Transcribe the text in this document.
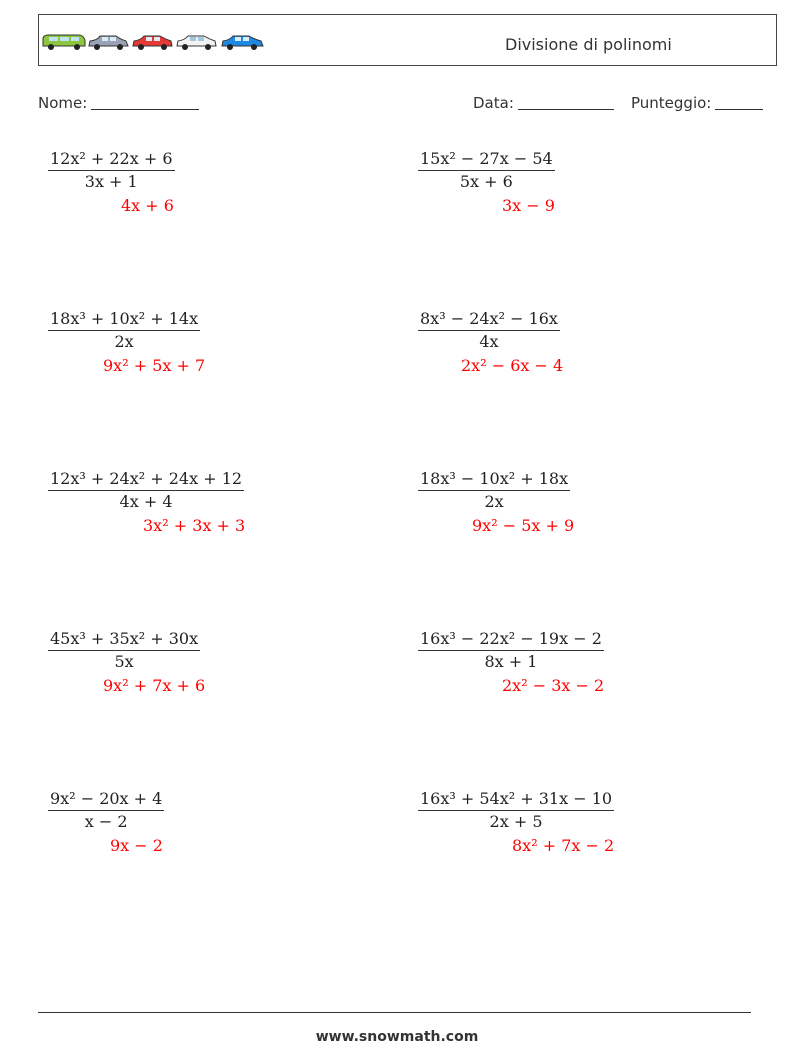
Divisione di polinomi
Nome:	Data:	Punteggio:
12x² + 22x + 6
3x + 1
4x + 6
15x² − 27x − 54
5x + 6
3x − 9
18x³ + 10x² + 14x
2x
9x² + 5x + 7
8x³ − 24x² − 16x
4x
2x² − 6x − 4
12x³ + 24x² + 24x + 12
4x + 4
3x² + 3x + 3
18x³ − 10x² + 18x
2x
9x² − 5x + 9
45x³ + 35x² + 30x
5x
9x² + 7x + 6
16x³ − 22x² − 19x − 2
8x + 1
2x² − 3x − 2
9x² − 20x + 4
x − 2
9x − 2
16x³ + 54x² + 31x − 10
2x + 5
8x² + 7x − 2
www.snowmath.com
